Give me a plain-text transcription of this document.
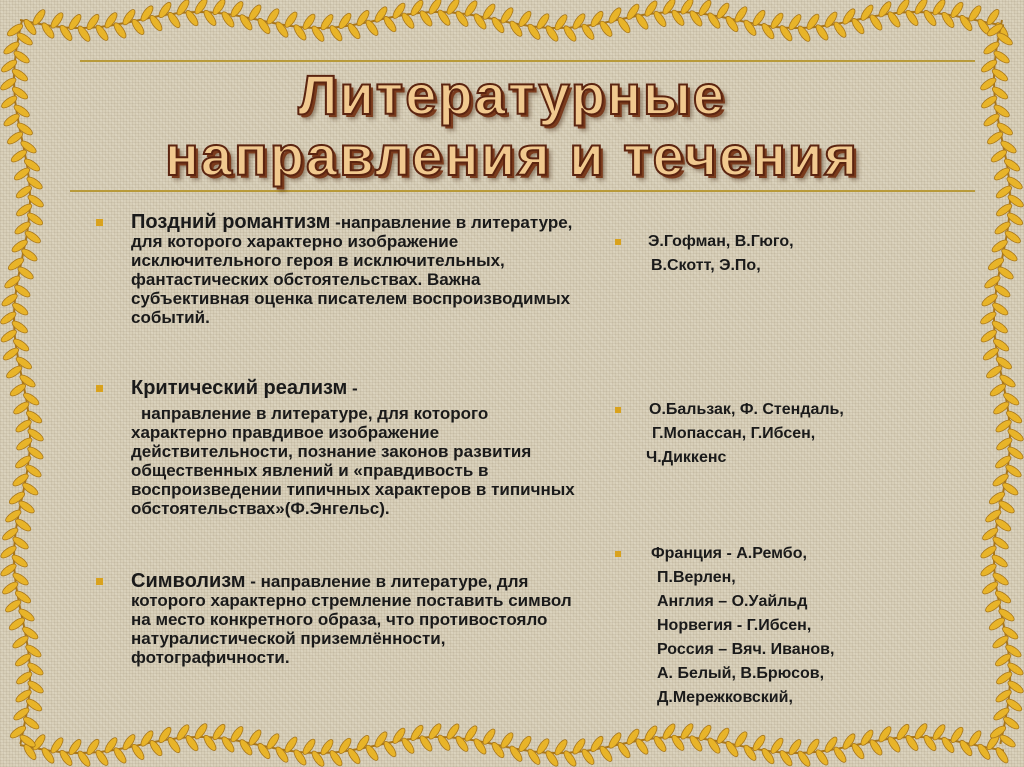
Литературные
направления и течения
Поздний романтизм -направление в литературе, для которого характерно изображение исключительного героя в исключительных, фантастических обстоятельствах. Важна субъективная оценка писателем воспроизводимых событий.
Критический реализм -
направление в литературе, для которого характерно правдивое изображение действительности, познание законов развития общественных явлений и «правдивость в воспроизведении типичных характеров в типичных обстоятельствах»(Ф.Энгельс).
Символизм - направление в литературе, для которого характерно стремление поставить символ на место конкретного образа, что противостояло натуралистической приземлённости, фотографичности.
Э.Гофман, В.Гюго,
В.Скотт, Э.По,
О.Бальзак, Ф. Стендаль,
Г.Мопассан, Г.Ибсен,
Ч.Диккенс
Франция - А.Рембо,
П.Верлен,
Англия – О.Уайльд
Норвегия - Г.Ибсен,
Россия – Вяч. Иванов,
А. Белый, В.Брюсов,
Д.Мережковский,
